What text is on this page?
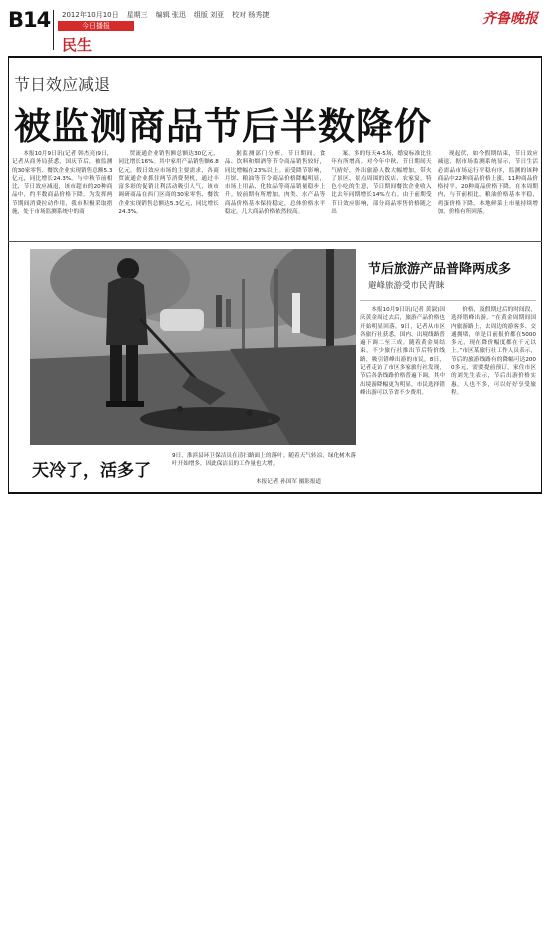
B14 2012年10月10日 星期三 编辑 张迅 组版 刘亚 校对 杨秀捷
今日播报
民生
齐鲁晚报
节日效应减退
被监测商品节后半数降价

本报10月9日讯(记者 韩杰亮)9日，记者从商务局获悉，国庆节后，被监测的30家零售、餐饮企业实现销售总额5.3亿元，同比增长24.3%。与中秋节前相比，节日效应减退，该市超市的20种商品中，约半数商品价格下降。为发挥两节期间消费拉动作用，我市积极采取措施，处于市场监测系统中的商

贸流通企业销售额总额达30亿元，同比增长16%。其中家用产品销售额6.8亿元。假日效应市场的主要需求，各商贸流通企业抓住两节消费契机，通过丰富多彩的促销让利活动吸引人气，该市调研商品在西门区商的30家零售、餐饮企业实现销售总额达5.3亿元，同比增长24.3%。

据监测部门分析，节日期间，食品、饮料和烟酒等节令商品销售较好，同比增幅在23%以上。而受降节影响，月饼、粮油等节令商品价格降幅明显，市场上用品、化妆品等商品销量稳步上升。较前期有所增加，肉类、水产品等商品价格基本保持稳定，总体价格水平稳定。几大商品价格依然较高。

案，多的每天4-5场，婚宴标准比往年有所增高。对今年中秋、节日期间天气晴好，外出旅游人数大幅增加，带火了景区、景点周围的饭店、农家宴，特色小吃的生意，节日期间餐饮企业收入比去年同期增长14%左右。由于前期受节日效应影响，部分商品零售价格随之出

现起伏，如今假期结束，节日效应减退，据市场监测系统显示，节日生活必需品市场运行平稳有序，监测的该种商品中22种商品价格上涨，11种商品价格持平，20种商品价格下降。在本周期内，与节前相比，粮油价格基本平稳，鸡蛋价格下降，本地鲜菜上市量持续增加，价格有所回落。

天冷了，活多了
9日，淮滨县环卫保洁员在清扫路面上的落叶。随着天气转凉，绿化树木落叶开始增多，因此保洁员的工作量也大增。
本报记者 孙国军 摄影报道
节后旅游产品普降两成多
避峰旅游受市民青睐

本报10月9日讯(记者 黄淑)国庆黄金周过去后，旅游产品价格也开始明显回落。9日，记者从市区各旅行社获悉，国内、出境线路普遍下调二至三成。随着黄金周结束，不少旅行社推出节后特价线路，吸引错峰出游的市民。8日，记者走访了市区多家旅行社发现，节后各条线路价格普遍下调，其中出境游降幅更为明显，市民选择错峰出游可以节省不少费用。

价格，及假期过后的时间段，选择错峰出游。“在黄金周期间国内旅游路上，去周边的游客多、交通拥堵，单是目前报价都在5000多元，现在降价幅度都在千元以上。”市区某旅行社工作人员表示，节后的旅游线路有的降幅可达2000多元，需要提前预订。家住市区的刘先生表示，节后出游价格实惠，人也不多，可以好好享受旅程。
